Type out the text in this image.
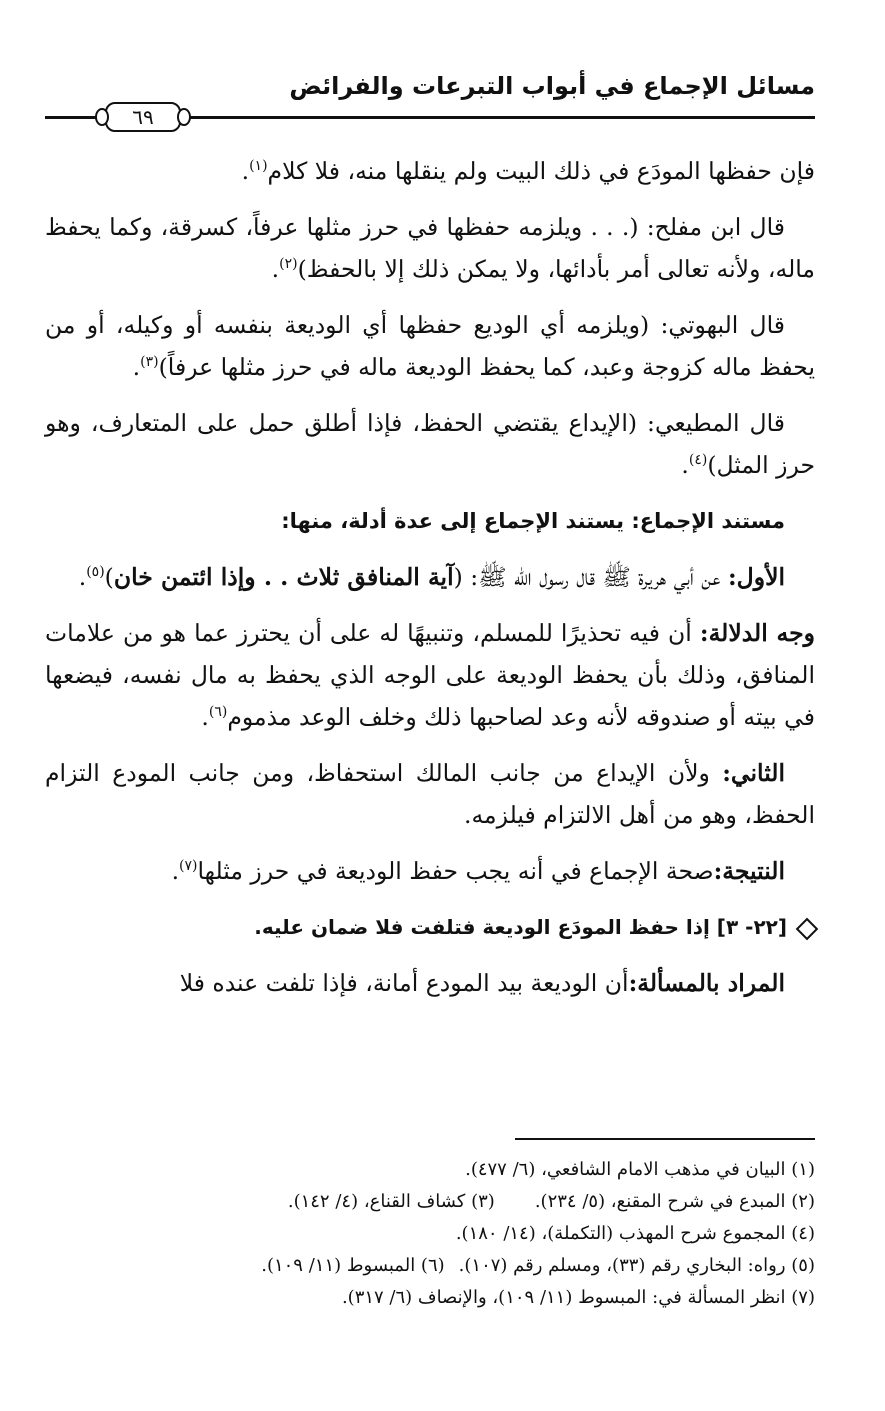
مسائل الإجماع في أبواب التبرعات والفرائض
٦٩

فإن حفظها المودَع في ذلك البيت ولم ينقلها منه، فلا كلام$^{(١)}$.

قال ابن مفلح: (. . . ويلزمه حفظها في حرز مثلها عرفاً، كسرقة، وكما يحفظ ماله، ولأنه تعالى أمر بأدائها، ولا يمكن ذلك إلا بالحفظ)$^{(٢)}$.

قال البهوتي: (ويلزمه أي الوديع حفظها أي الوديعة بنفسه أو وكيله، أو من يحفظ ماله كزوجة وعبد، كما يحفظ الوديعة ماله في حرز مثلها عرفاً)$^{(٣)}$.

قال المطيعي: (الإيداع يقتضي الحفظ، فإذا أطلق حمل على المتعارف، وهو حرز المثل)$^{(٤)}$.

مستند الإجماع: يستند الإجماع إلى عدة أدلة، منها:

الأول: عن أبي هريرة ﷺ قال رسول الله ﷺ: (آية المنافق ثلاث . . وإذا ائتمن خان)$^{(٥)}$.

وجه الدلالة: أن فيه تحذيرًا للمسلم، وتنبيهًا له على أن يحترز عما هو من علامات المنافق، وذلك بأن يحفظ الوديعة على الوجه الذي يحفظ به مال نفسه، فيضعها في بيته أو صندوقه لأنه وعد لصاحبها ذلك وخلف الوعد مذموم$^{(٦)}$.

الثاني: ولأن الإيداع من جانب المالك استحفاظ، ومن جانب المودع التزام الحفظ، وهو من أهل الالتزام فيلزمه.

النتيجة:صحة الإجماع في أنه يجب حفظ الوديعة في حرز مثلها$^{(٧)}$.

[٢٢- ٣] إذا حفظ المودَع الوديعة فتلفت فلا ضمان عليه.

المراد بالمسألة:أن الوديعة بيد المودع أمانة، فإذا تلفت عنده فلا

(١) البيان في مذهب الامام الشافعي، (٦/ ٤٧٧).

(٢) المبدع في شرح المقنع، (٥/ ٢٣٤).(٣) كشاف القناع، (٤/ ١٤٢).

(٤) المجموع شرح المهذب (التكملة)، (١٤/ ١٨٠).

(٥) رواه: البخاري رقم (٣٣)، ومسلم رقم (١٠٧).(٦) المبسوط (١١/ ١٠٩).

(٧) انظر المسألة في: المبسوط (١١/ ١٠٩)، والإنصاف (٦/ ٣١٧).
